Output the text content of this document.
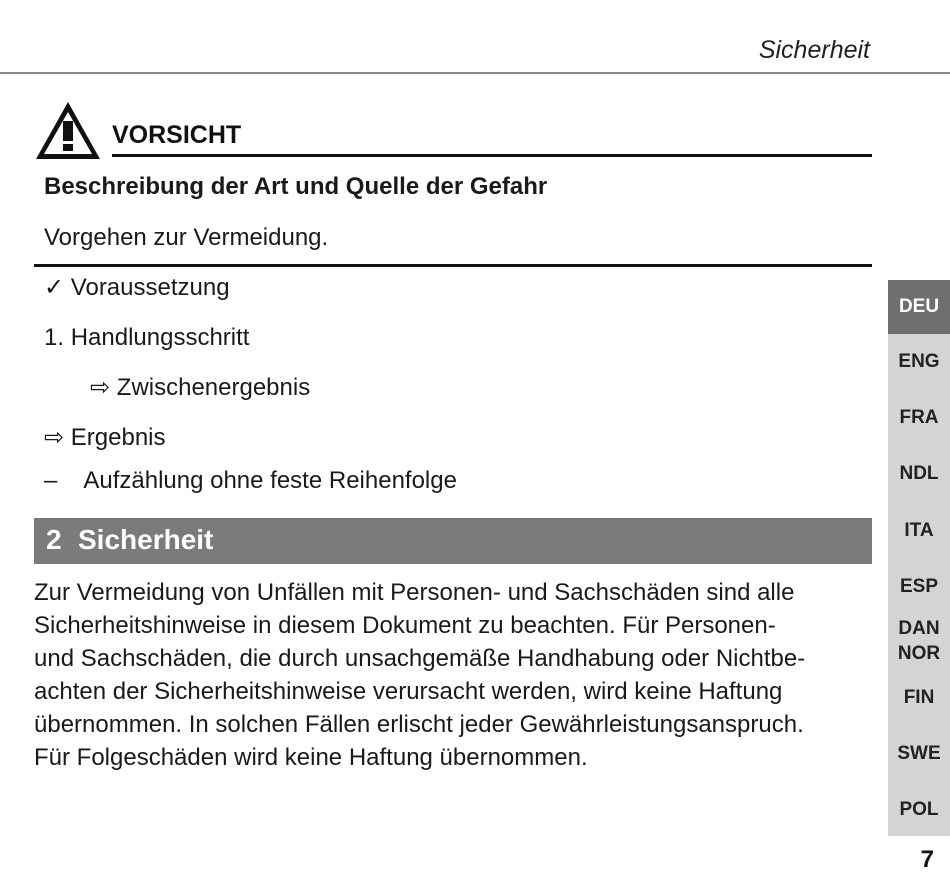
Sicherheit
VORSICHT
Beschreibung der Art und Quelle der Gefahr
Vorgehen zur Vermeidung.
✓ Voraussetzung
1. Handlungsschritt
⇨ Zwischenergebnis
⇨ Ergebnis
– Aufzählung ohne feste Reihenfolge
2 Sicherheit
Zur Vermeidung von Unfällen mit Personen- und Sachschäden sind alle
Sicherheitshinweise in diesem Dokument zu beachten. Für Personen-
und Sachschäden, die durch unsachgemäße Handhabung oder Nichtbe-
achten der Sicherheitshinweise verursacht werden, wird keine Haftung
übernommen. In solchen Fällen erlischt jeder Gewährleistungsanspruch.
Für Folgeschäden wird keine Haftung übernommen.
DEU
ENG
FRA
NDL
ITA
ESP
DAN
NOR
FIN
SWE
POL
7
